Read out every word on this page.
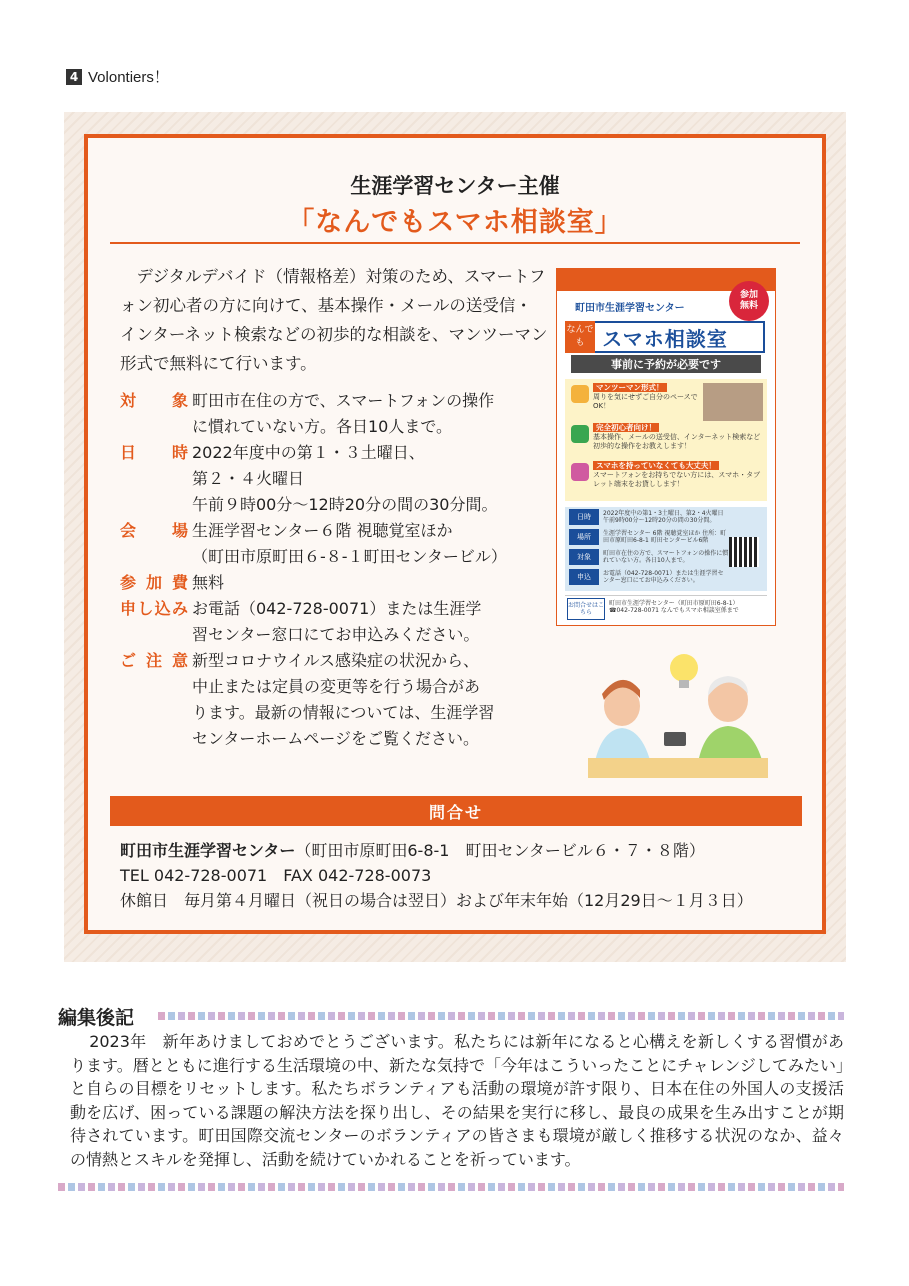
4 Volontiers！
生涯学習センター主催
「なんでもスマホ相談室」
デジタルデバイド（情報格差）対策のため、スマートフォン初心者の方に向けて、基本操作・メールの送受信・インターネット検索などの初歩的な相談を、マンツーマン形式で無料にて行います。
対象 町田市在住の方で、スマートフォンの操作
に慣れていない方。各日10人まで。
日時 2022年度中の第１・３土曜日、
第２・４火曜日
午前９時00分〜12時20分の間の30分間。
会場 生涯学習センター６階 視聴覚室ほか
（町田市原町田６-８-１町田センタービル）
参加費 無料
申し込み お電話（042-728-0071）または生涯学
習センター窓口にてお申込みください。
ご注意 新型コロナウイルス感染症の状況から、
中止または定員の変更等を行う場合があ
ります。最新の情報については、生涯学習
センターホームページをご覧ください。
町田市生涯学習センター
参加
無料
スマホ相談室
なんでも
事前に予約が必要です
マンツーマン形式！
周りを気にせずご自分のペースでOK！
完全初心者向け！
基本操作、メールの送受信、インターネット検索など初歩的な操作をお教えします！
スマホを持っていなくても大丈夫！
スマートフォンをお持ちでない方には、スマホ・タブレット端末をお貸しします！
日時	2022年度中の第1・3土曜日、第2・4火曜日 午前9時00分〜12時20分の間の30分間。
場所	生涯学習センター 6階 視聴覚室ほか 住所：町田市原町田6-8-1 町田センタービル6階
対象	町田市在住の方で、スマートフォンの操作に慣れていない方。各日10人まで。
申込	お電話（042-728-0071）または生涯学習センター窓口にてお申込みください。
お問合せはこちら
町田市生涯学習センター（町田市原町田6-8-1）☎042-728-0071 なんでもスマホ相談室係まで
問合せ
町田市生涯学習センター（町田市原町田6-8-1　町田センタービル６・７・８階）
TEL 042-728-0071　FAX 042-728-0073
休館日　毎月第４月曜日（祝日の場合は翌日）および年末年始（12月29日〜１月３日）
編集後記
2023年　新年あけましておめでとうございます。私たちには新年になると心構えを新しくする習慣があります。暦とともに進行する生活環境の中、新たな気持で「今年はこういったことにチャレンジしてみたい」と自らの目標をリセットします。私たちボランティアも活動の環境が許す限り、日本在住の外国人の支援活動を広げ、困っている課題の解決方法を探り出し、その結果を実行に移し、最良の成果を生み出すことが期待されています。町田国際交流センターのボランティアの皆さまも環境が厳しく推移する状況のなか、益々の情熱とスキルを発揮し、活動を続けていかれることを祈っています。
